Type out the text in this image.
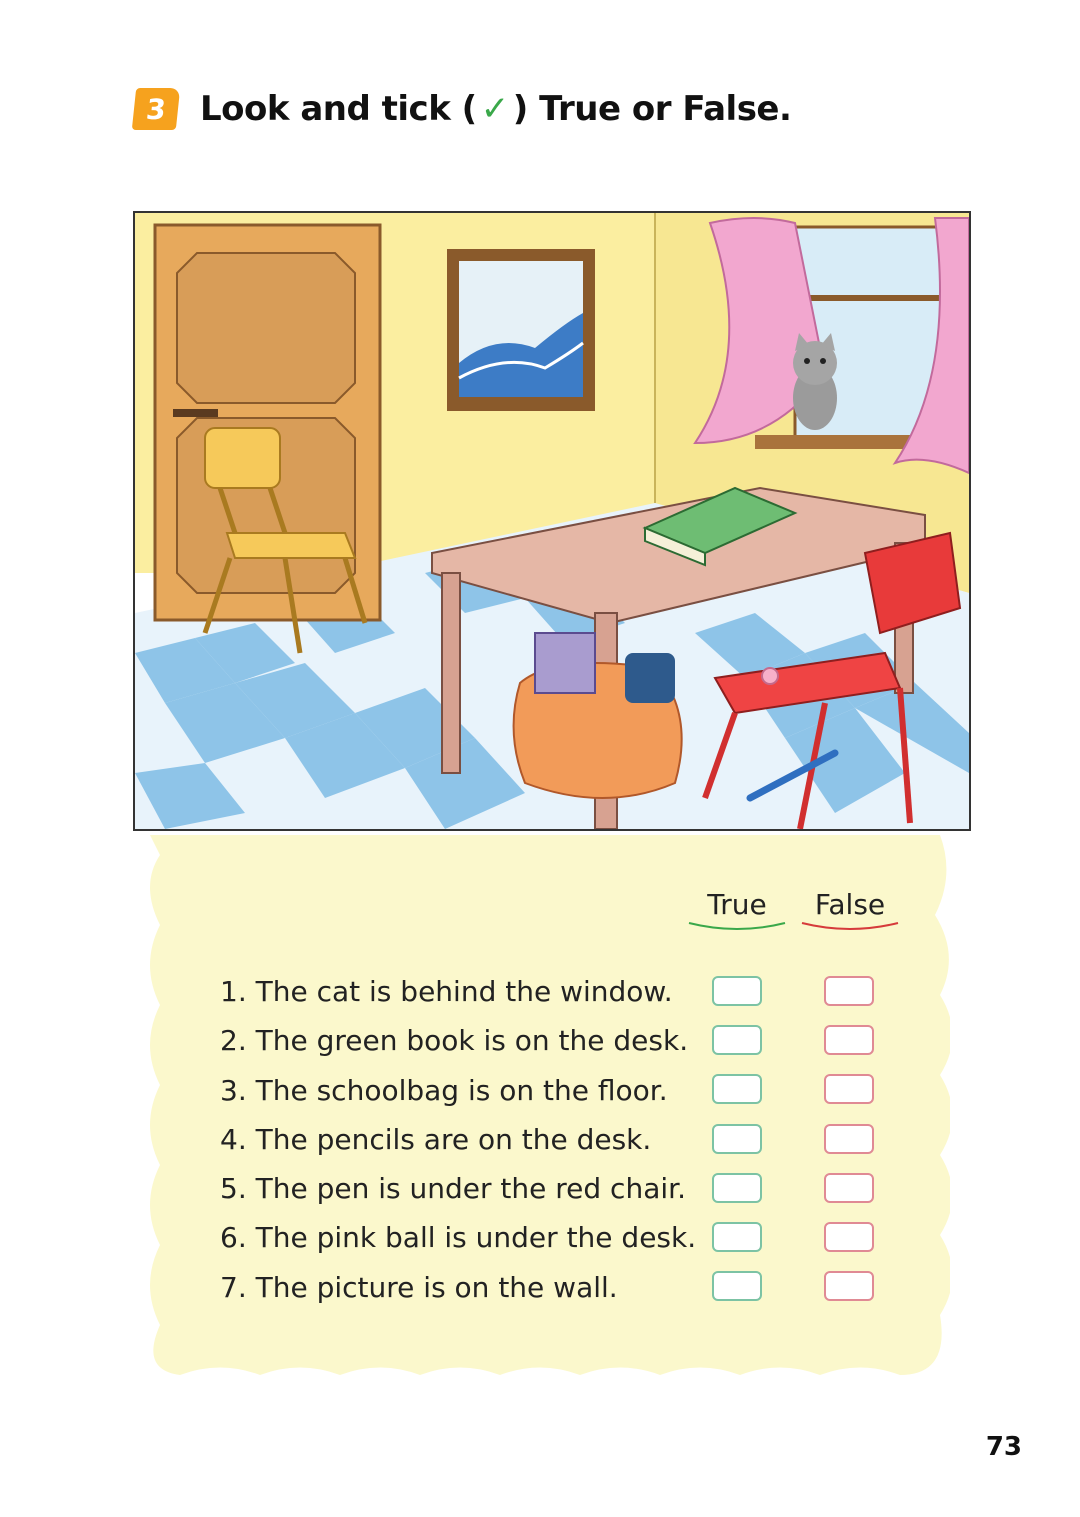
3 Look and tick ( ✓ ) True or False.
True	False
1. The cat is behind the window.
2. The green book is on the desk.
3. The schoolbag is on the floor.
4. The pencils are on the desk.
5. The pen is under the red chair.
6. The pink ball is under the desk.
7. The picture is on the wall.
73
